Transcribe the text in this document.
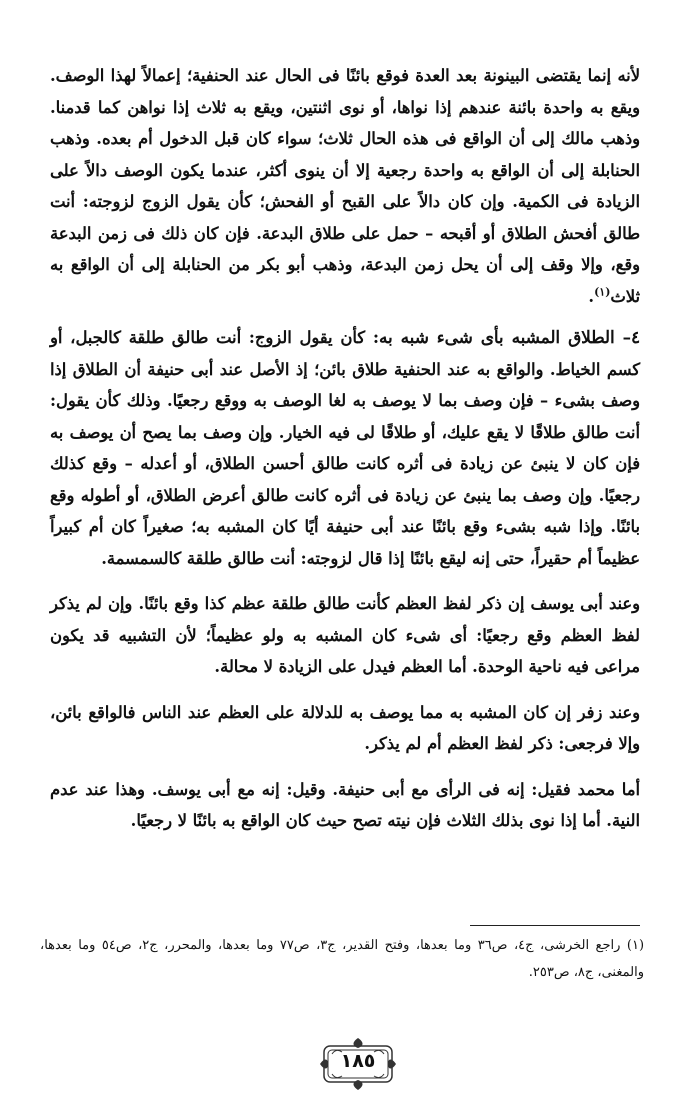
لأنه إنما يقتضى البينونة بعد العدة فوقع بائنًا فى الحال عند الحنفية؛ إعمالاً لهذا الوصف. ويقع به واحدة بائنة عندهم إذا نواها، أو نوى اثنتين، ويقع به ثلاث إذا نواهن كما قدمنا. وذهب مالك إلى أن الواقع فى هذه الحال ثلاث؛ سواء كان قبل الدخول أم بعده. وذهب الحنابلة إلى أن الواقع به واحدة رجعية إلا أن ينوى أكثر، عندما يكون الوصف دالاً على الزيادة فى الكمية. وإن كان دالاً على القبح أو الفحش؛ كأن يقول الزوج لزوجته: أنت طالق أفحش الطلاق أو أقبحه – حمل على طلاق البدعة. فإن كان ذلك فى زمن البدعة وقع، وإلا وقف إلى أن يحل زمن البدعة، وذهب أبو بكر من الحنابلة إلى أن الواقع به ثلاث$^{(١)}$.

٤– الطلاق المشبه بأى شىء شبه به: كأن يقول الزوج: أنت طالق طلقة كالجبل، أو كسم الخياط. والواقع به عند الحنفية طلاق بائن؛ إذ الأصل عند أبى حنيفة أن الطلاق إذا وصف بشىء – فإن وصف بما لا يوصف به لغا الوصف به ووقع رجعيًا. وذلك كأن يقول: أنت طالق طلاقًا لا يقع عليك، أو طلاقًا لى فيه الخيار. وإن وصف بما يصح أن يوصف به فإن كان لا ينبئ عن زيادة فى أثره كانت طالق أحسن الطلاق، أو أعدله – وقع كذلك رجعيًا. وإن وصف بما ينبئ عن زيادة فى أثره كانت طالق أعرض الطلاق، أو أطوله وقع بائنًا. وإذا شبه بشىء وقع بائنًا عند أبى حنيفة أيًا كان المشبه به؛ صغيراً كان أم كبيراً عظيماً أم حقيراً، حتى إنه ليقع بائنًا إذا قال لزوجته: أنت طالق طلقة كالسمسمة.

وعند أبى يوسف إن ذكر لفظ العظم كأنت طالق طلقة عظم كذا وقع بائنًا. وإن لم يذكر لفظ العظم وقع رجعيًا: أى شىء كان المشبه به ولو عظيماً؛ لأن التشبيه قد يكون مراعى فيه ناحية الوحدة. أما العظم فيدل على الزيادة لا محالة.

وعند زفر إن كان المشبه به مما يوصف به للدلالة على العظم عند الناس فالواقع بائن، وإلا فرجعى: ذكر لفظ العظم أم لم يذكر.

أما محمد فقيل: إنه فى الرأى مع أبى حنيفة. وقيل: إنه مع أبى يوسف. وهذا عند عدم النية. أما إذا نوى بذلك الثلاث فإن نيته تصح حيث كان الواقع به بائنًا لا رجعيًا.

(١) راجع الخرشى، ج٤، ص٣٦ وما بعدها، وفتح القدير، ج٣، ص٧٧ وما بعدها، والمحرر، ج٢، ص٥٤ وما بعدها، والمغنى، ج٨، ص٢٥٣.
١٨٥
